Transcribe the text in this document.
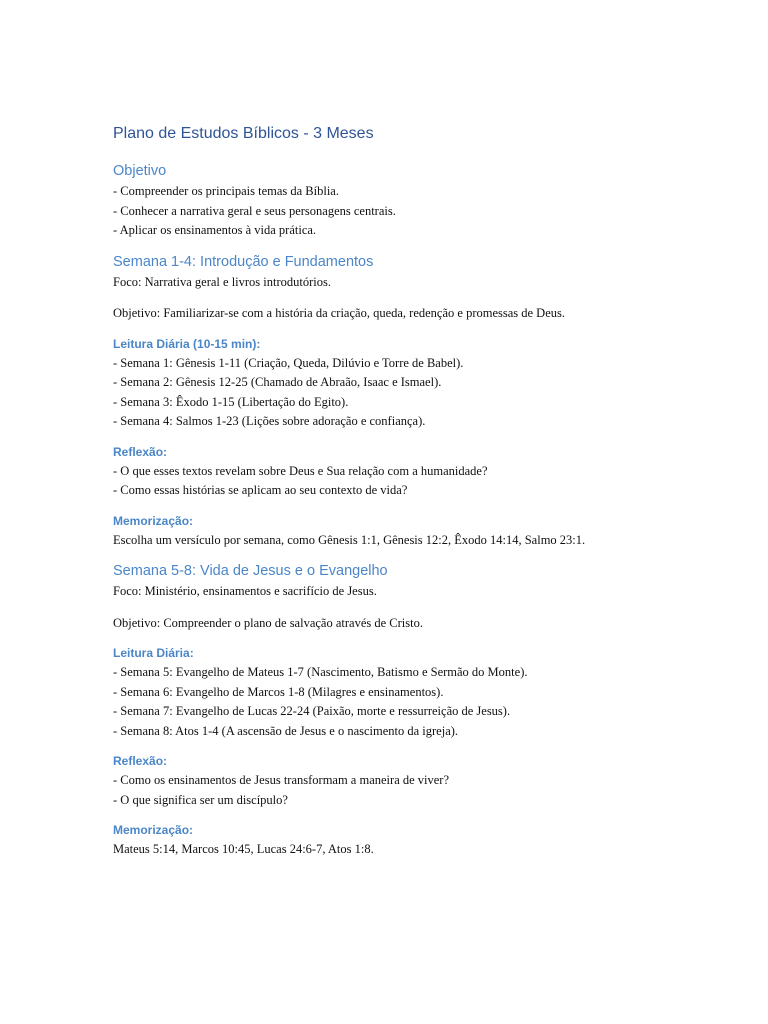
Plano de Estudos Bíblicos - 3 Meses
Objetivo
- Compreender os principais temas da Bíblia.
- Conhecer a narrativa geral e seus personagens centrais.
- Aplicar os ensinamentos à vida prática.
Semana 1-4: Introdução e Fundamentos
Foco: Narrativa geral e livros introdutórios.
Objetivo: Familiarizar-se com a história da criação, queda, redenção e promessas de Deus.
Leitura Diária (10-15 min):
- Semana 1: Gênesis 1-11 (Criação, Queda, Dilúvio e Torre de Babel).
- Semana 2: Gênesis 12-25 (Chamado de Abraão, Isaac e Ismael).
- Semana 3: Êxodo 1-15 (Libertação do Egito).
- Semana 4: Salmos 1-23 (Lições sobre adoração e confiança).
Reflexão:
- O que esses textos revelam sobre Deus e Sua relação com a humanidade?
- Como essas histórias se aplicam ao seu contexto de vida?
Memorização:
Escolha um versículo por semana, como Gênesis 1:1, Gênesis 12:2, Êxodo 14:14, Salmo 23:1.
Semana 5-8: Vida de Jesus e o Evangelho
Foco: Ministério, ensinamentos e sacrifício de Jesus.
Objetivo: Compreender o plano de salvação através de Cristo.
Leitura Diária:
- Semana 5: Evangelho de Mateus 1-7 (Nascimento, Batismo e Sermão do Monte).
- Semana 6: Evangelho de Marcos 1-8 (Milagres e ensinamentos).
- Semana 7: Evangelho de Lucas 22-24 (Paixão, morte e ressurreição de Jesus).
- Semana 8: Atos 1-4 (A ascensão de Jesus e o nascimento da igreja).
Reflexão:
- Como os ensinamentos de Jesus transformam a maneira de viver?
- O que significa ser um discípulo?
Memorização:
Mateus 5:14, Marcos 10:45, Lucas 24:6-7, Atos 1:8.
